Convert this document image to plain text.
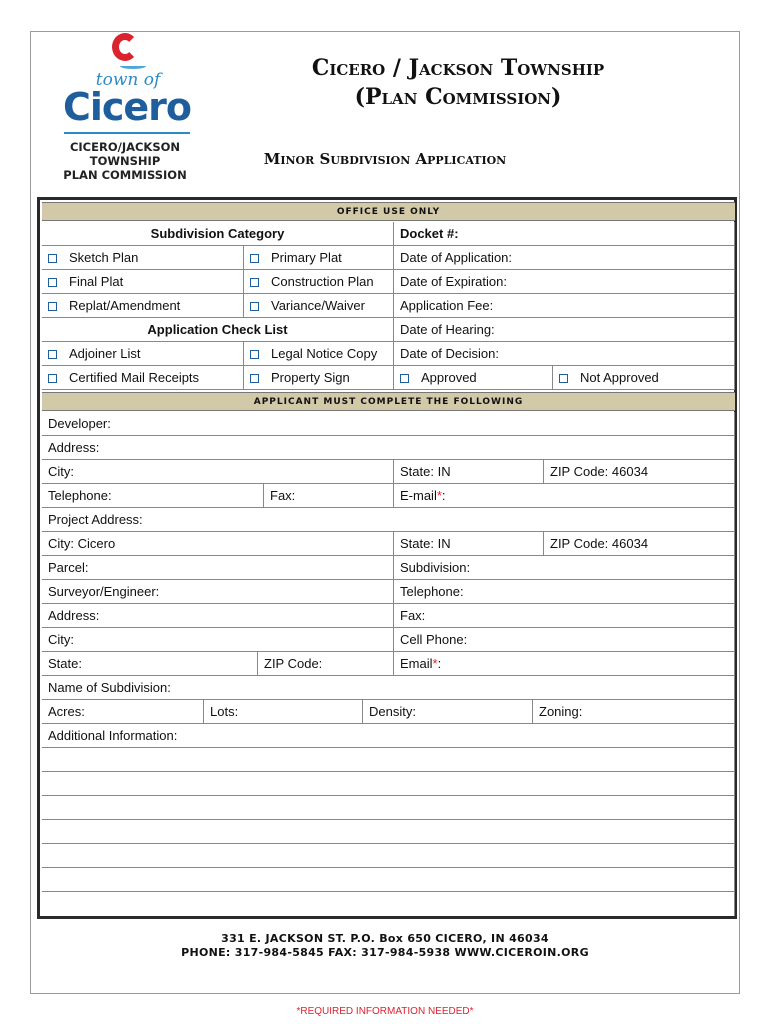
town of
Cicero
CICERO/JACKSON
TOWNSHIP
PLAN COMMISSION
Cicero / Jackson Township
(Plan Commission)
Minor Subdivision Application
OFFICE USE ONLY
Subdivision Category	Docket #:
Sketch Plan	Primary Plat	Date of Application:
Final Plat	Construction Plan	Date of Expiration:
Replat/Amendment	Variance/Waiver	Application Fee:
Application Check List	Date of Hearing:
Adjoiner List	Legal Notice Copy	Date of Decision:
Certified Mail Receipts	Property Sign	Approved	Not Approved
APPLICANT MUST COMPLETE THE FOLLOWING
Developer:
Address:
City:	State: IN	ZIP Code: 46034
Telephone:	Fax:	E-mail*:
Project Address:
City: Cicero	State: IN	ZIP Code: 46034
Parcel:	Subdivision:
Surveyor/Engineer:	Telephone:
Address:	Fax:
City:	Cell Phone:
State:	ZIP Code:	Email*:
Name of Subdivision:
Acres:	Lots:	Density:	Zoning:
Additional Information:
331 E. JACKSON ST. P.O. Box 650 CICERO, IN 46034
PHONE: 317-984-5845 FAX: 317-984-5938 WWW.CICEROIN.ORG
*REQUIRED INFORMATION NEEDED*
